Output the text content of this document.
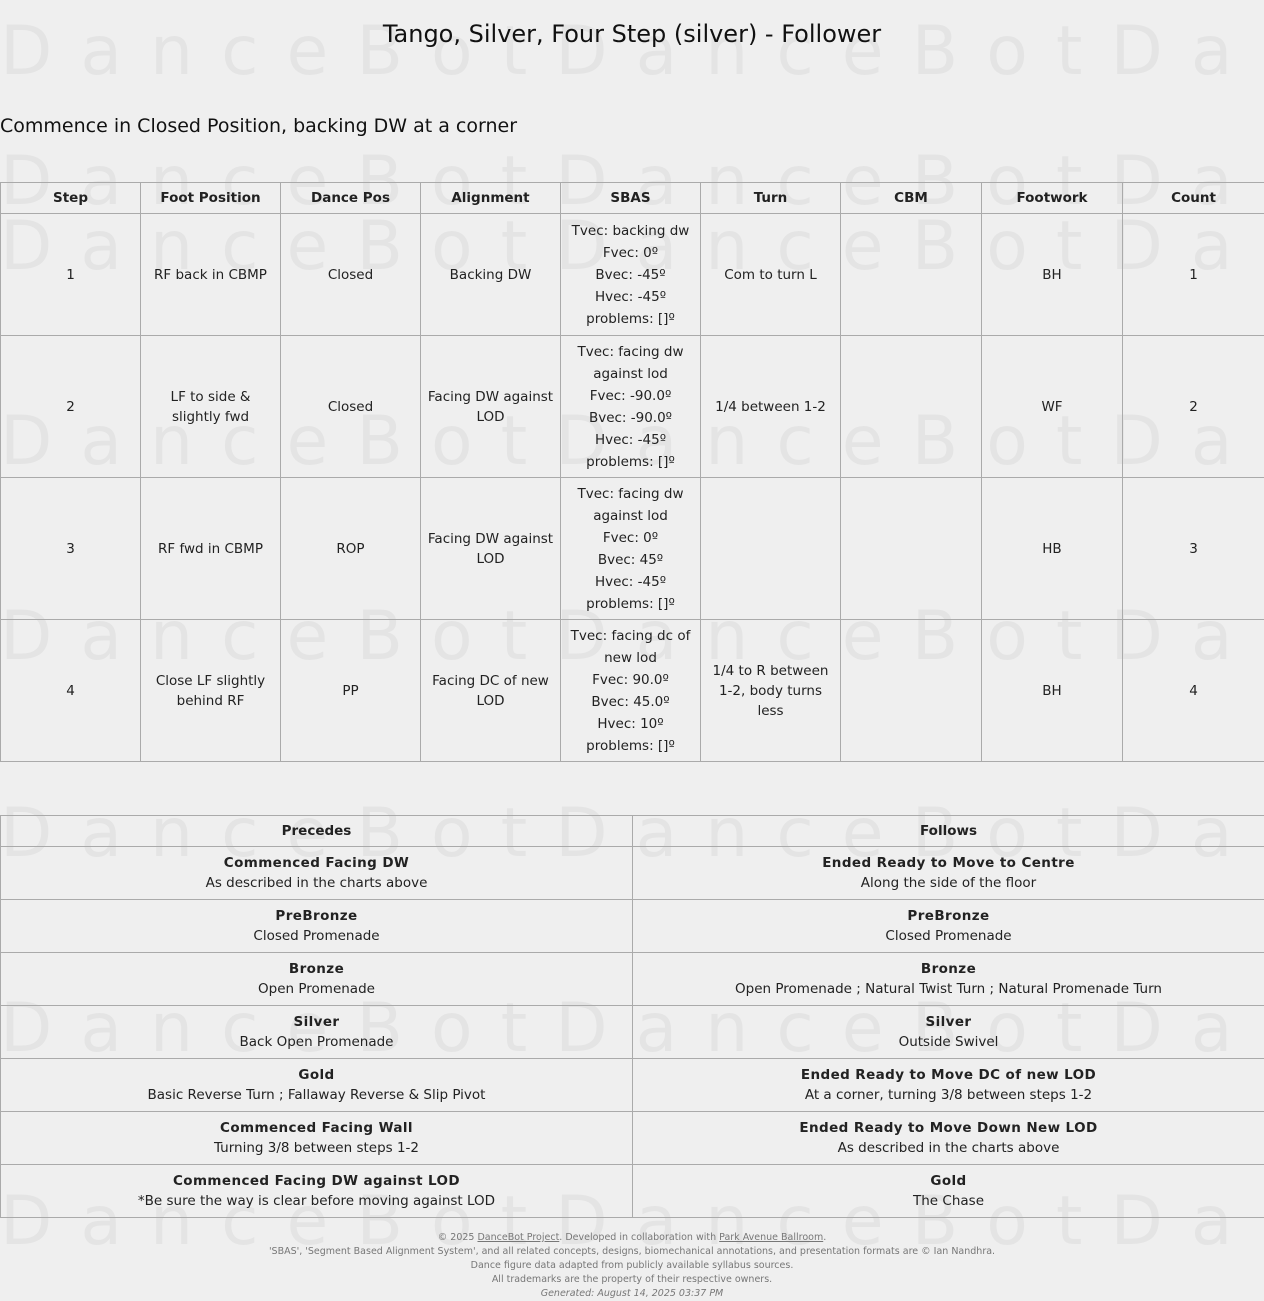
Tango, Silver, Four Step (silver) - Follower
Commence in Closed Position, backing DW at a corner
Step	Foot Position	Dance Pos	Alignment	SBAS	Turn	CBM	Footwork	Count
1	RF back in CBMP	Closed	Backing DW	Tvec: backing dw
Fvec: 0º
Bvec: -45º
Hvec: -45º
problems: []º	Com to turn L		BH	1
2	LF to side & slightly fwd	Closed	Facing DW against LOD	Tvec: facing dw against lod
Fvec: -90.0º
Bvec: -90.0º
Hvec: -45º
problems: []º	1/4 between 1-2		WF	2
3	RF fwd in CBMP	ROP	Facing DW against LOD	Tvec: facing dw against lod
Fvec: 0º
Bvec: 45º
Hvec: -45º
problems: []º			HB	3
4	Close LF slightly behind RF	PP	Facing DC of new LOD	Tvec: facing dc of new lod
Fvec: 90.0º
Bvec: 45.0º
Hvec: 10º
problems: []º	1/4 to R between 1-2, body turns less		BH	4
Precedes	Follows

Commenced Facing DW
As described in the charts above	Ended Ready to Move to Centre
Along the side of the floor

PreBronze
Closed Promenade	PreBronze
Closed Promenade

Bronze
Open Promenade	Bronze
Open Promenade ; Natural Twist Turn ; Natural Promenade Turn

Silver
Back Open Promenade	Silver
Outside Swivel

Gold
Basic Reverse Turn ; Fallaway Reverse & Slip Pivot	Ended Ready to Move DC of new LOD
At a corner, turning 3/8 between steps 1-2

Commenced Facing Wall
Turning 3/8 between steps 1-2	Ended Ready to Move Down New LOD
As described in the charts above

Commenced Facing DW against LOD
*Be sure the way is clear before moving against LOD	Gold
The Chase
© 2025 DanceBot Project. Developed in collaboration with Park Avenue Ballroom.
'SBAS', 'Segment Based Alignment System', and all related concepts, designs, biomechanical annotations, and presentation formats are © Ian Nandhra.
Dance figure data adapted from publicly available syllabus sources.
All trademarks are the property of their respective owners.
Generated: August 14, 2025 03:37 PM
